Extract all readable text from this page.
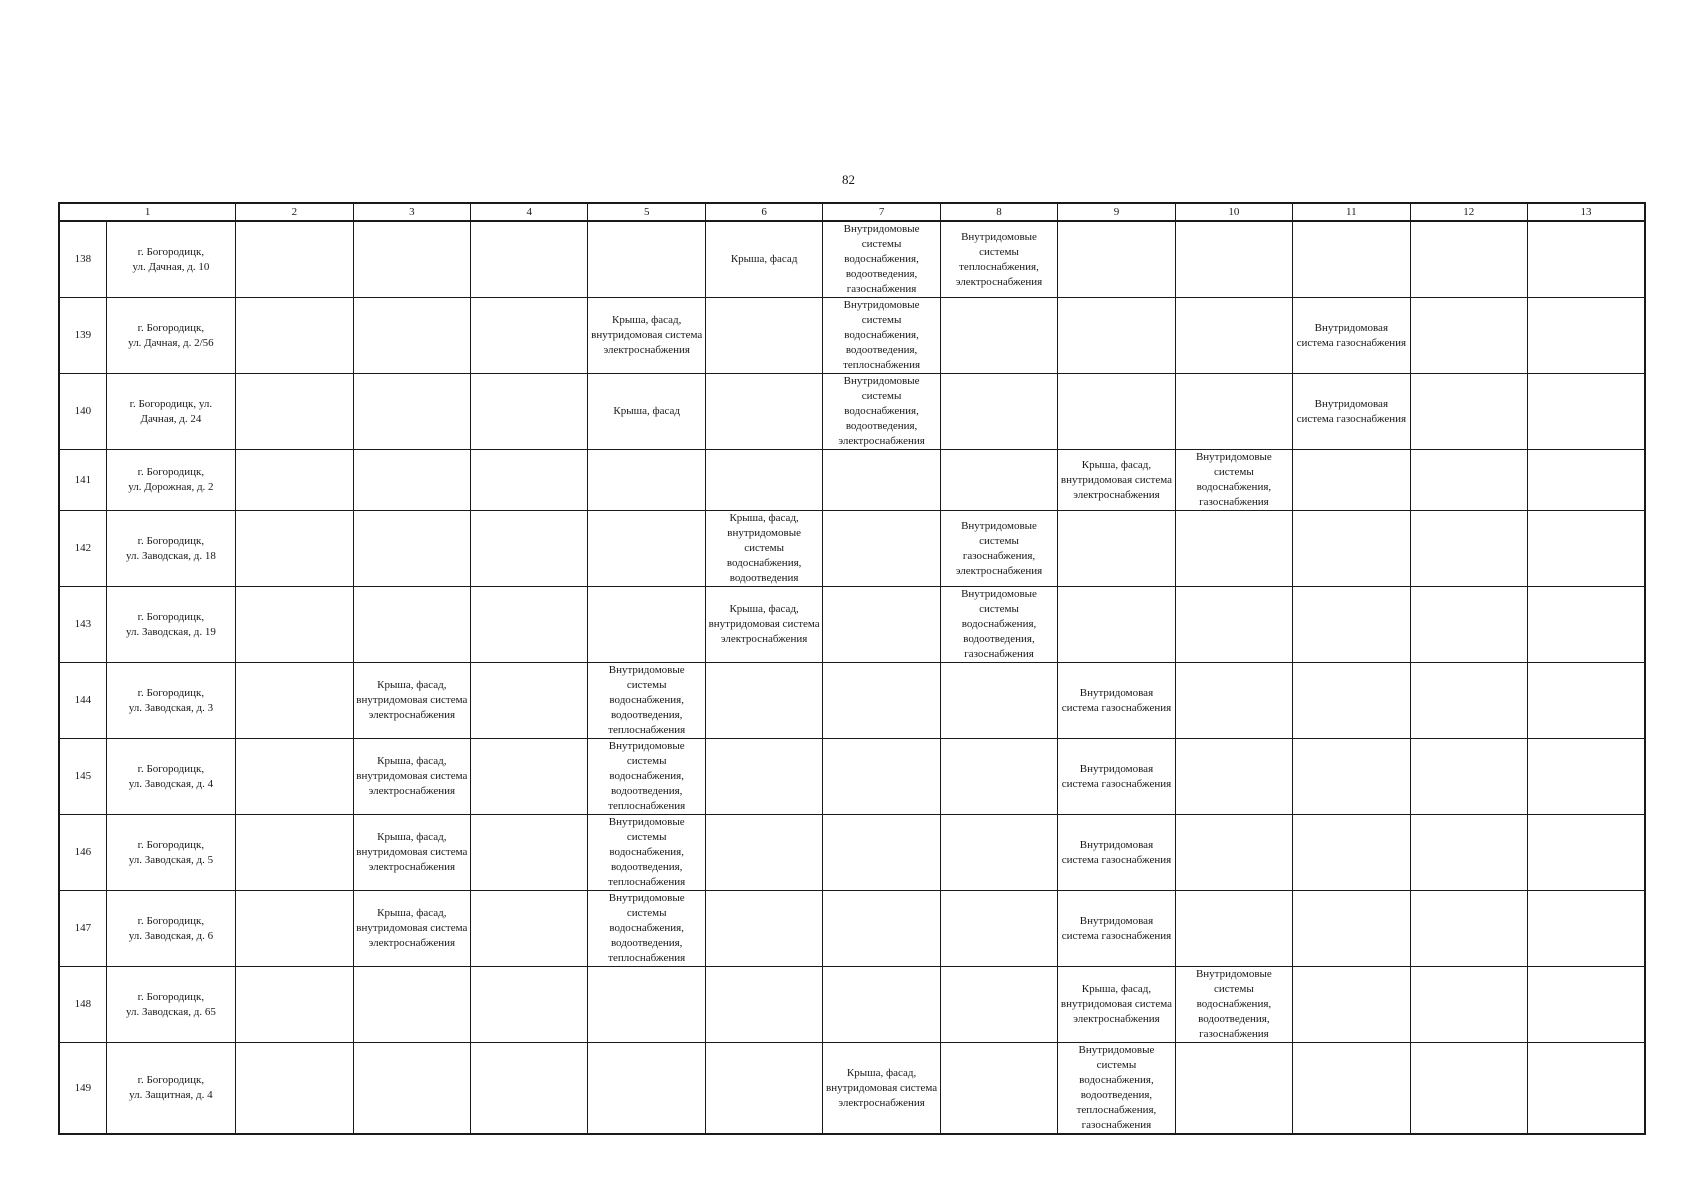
82
1		2	3	4	5	6	7	8	9	10	11	12	13
138	г. Богородицк,
ул. Дачная, д. 10					Крыша, фасад	Внутридомовые системы водоснабжения, водоотведения, газоснабжения	Внутридомовые системы теплоснабжения, электроснабжения					
139	г. Богородицк,
ул. Дачная, д. 2/56				Крыша, фасад, внутридомовая система электроснабжения		Внутридомовые системы водоснабжения, водоотведения, теплоснабжения				Внутридомовая система газоснабжения		
140	г. Богородицк, ул.
Дачная, д. 24				Крыша, фасад		Внутридомовые системы водоснабжения, водоотведения, электроснабжения				Внутридомовая система газоснабжения		
141	г. Богородицк,
ул. Дорожная, д. 2								Крыша, фасад, внутридомовая система электроснабжения	Внутридомовые системы водоснабжения, газоснабжения			
142	г. Богородицк,
ул. Заводская, д. 18					Крыша, фасад, внутридомовые системы водоснабжения, водоотведения		Внутридомовые системы газоснабжения, электроснабжения					
143	г. Богородицк,
ул. Заводская, д. 19					Крыша, фасад, внутридомовая система электроснабжения		Внутридомовые системы водоснабжения, водоотведения, газоснабжения					
144	г. Богородицк,
ул. Заводская, д. 3		Крыша, фасад, внутридомовая система электроснабжения		Внутридомовые системы водоснабжения, водоотведения, теплоснабжения				Внутридомовая система газоснабжения				
145	г. Богородицк,
ул. Заводская, д. 4		Крыша, фасад, внутридомовая система электроснабжения		Внутридомовые системы водоснабжения, водоотведения, теплоснабжения				Внутридомовая система газоснабжения				
146	г. Богородицк,
ул. Заводская, д. 5		Крыша, фасад, внутридомовая система электроснабжения		Внутридомовые системы водоснабжения, водоотведения, теплоснабжения				Внутридомовая система газоснабжения				
147	г. Богородицк,
ул. Заводская, д. 6		Крыша, фасад, внутридомовая система электроснабжения		Внутридомовые системы водоснабжения, водоотведения, теплоснабжения				Внутридомовая система газоснабжения				
148	г. Богородицк,
ул. Заводская, д. 65								Крыша, фасад, внутридомовая система электроснабжения	Внутридомовые системы водоснабжения, водоотведения, газоснабжения			
149	г. Богородицк,
ул. Защитная, д. 4						Крыша, фасад, внутридомовая система электроснабжения		Внутридомовые системы водоснабжения, водоотведения, теплоснабжения, газоснабжения				
